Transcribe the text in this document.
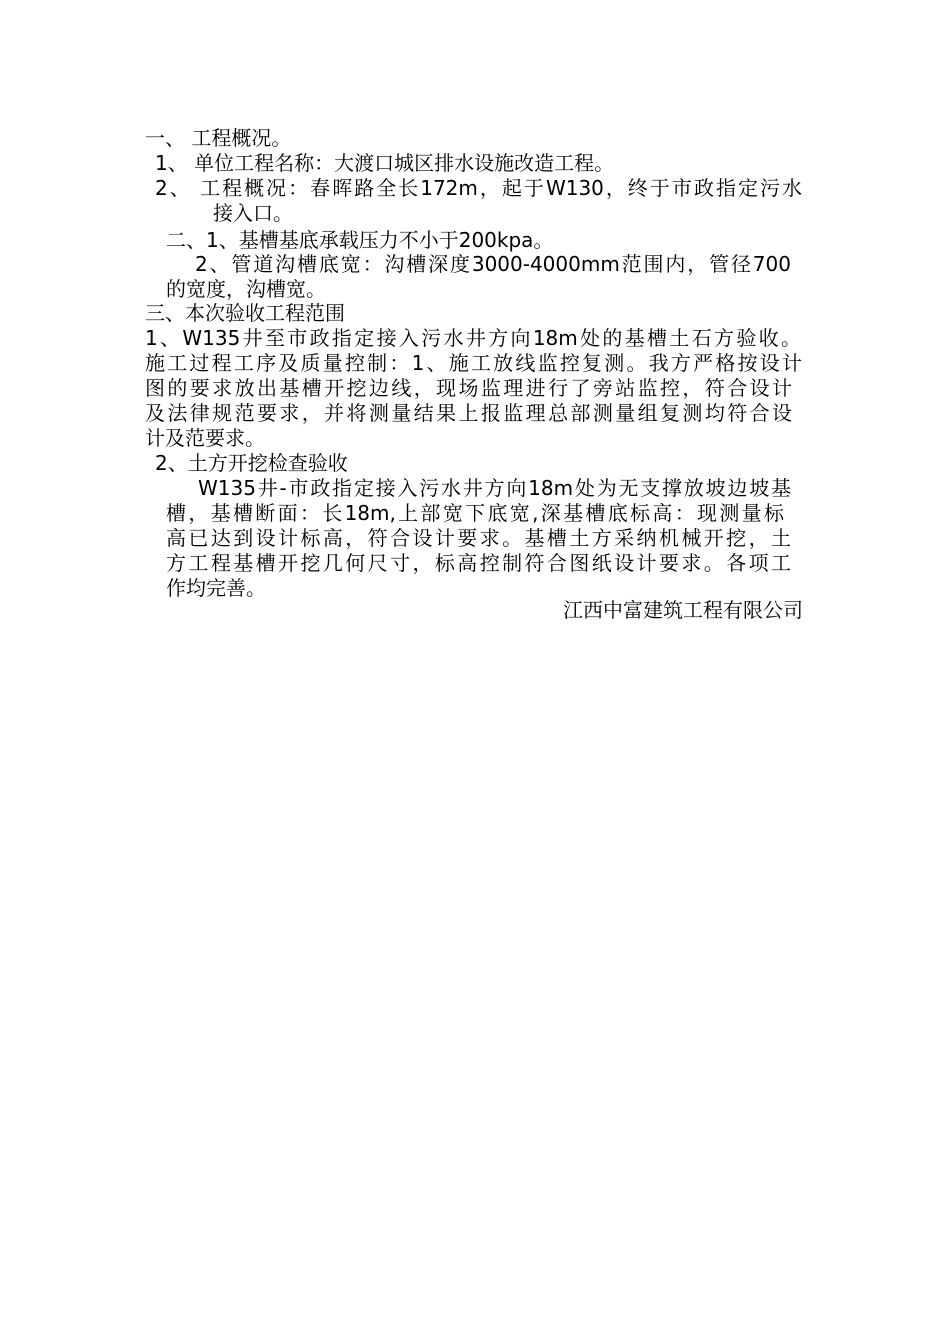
一、 工程概况。
1、 单位工程名称：大渡口城区排水设施改造工程。
2、 工程概况：春晖路全长172m，起于W130，终于市政指定污水
接入口。
二、1、基槽基底承载压力不小于200kpa。
2、管道沟槽底宽：沟槽深度3000-4000mm范围内，管径700
的宽度，沟槽宽。
三、本次验收工程范围
1、W135井至市政指定接入污水井方向18m处的基槽土石方验收。
施工过程工序及质量控制：1、施工放线监控复测。我方严格按设计
图的要求放出基槽开挖边线，现场监理进行了旁站监控，符合设计
及法律规范要求，并将测量结果上报监理总部测量组复测均符合设
计及范要求。
2、土方开挖检查验收
W135井-市政指定接入污水井方向18m处为无支撑放坡边坡基
槽，基槽断面：长18m,上部宽下底宽,深基槽底标高：现测量标
高已达到设计标高，符合设计要求。基槽土方采纳机械开挖，土
方工程基槽开挖几何尺寸，标高控制符合图纸设计要求。各项工
作均完善。
江西中富建筑工程有限公司
